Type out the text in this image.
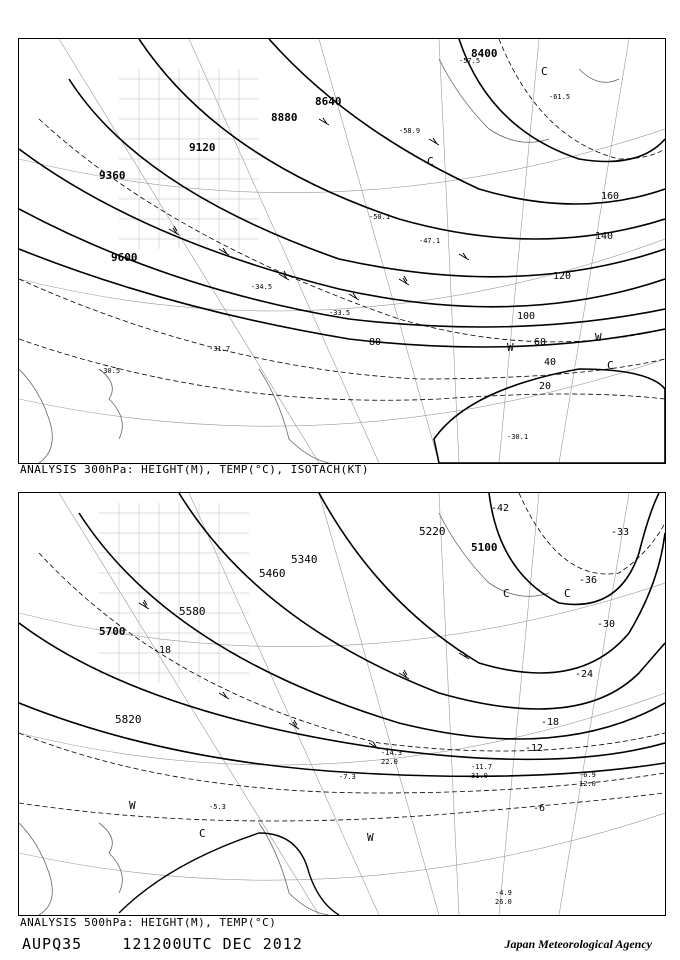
8400
8640
8880
9120
9360
9600
20
40
60
80
100
120
140
160
-30.1
-30.5
-31.7
-33.5
-34.5
-47.1
-50.1
-58.9
-61.5
-57.5
C
W
W
C
C
ANALYSIS 300hPa: HEIGHT(M), TEMP(°C), ISOTACH(KT)
5100
5220
5340
5460
5580
5700
5820
-42
-36
-33
-30
-24
-18
-12
-6
-18
-4.9
26.0
-6.9
12.0
-11.7
31.0
-14.3
22.0
-5.3
-7.3
C	C
W
C	W
ANALYSIS 500hPa: HEIGHT(M), TEMP(°C)
AUPQ35	121200UTC DEC 2012	Japan Meteorological Agency
